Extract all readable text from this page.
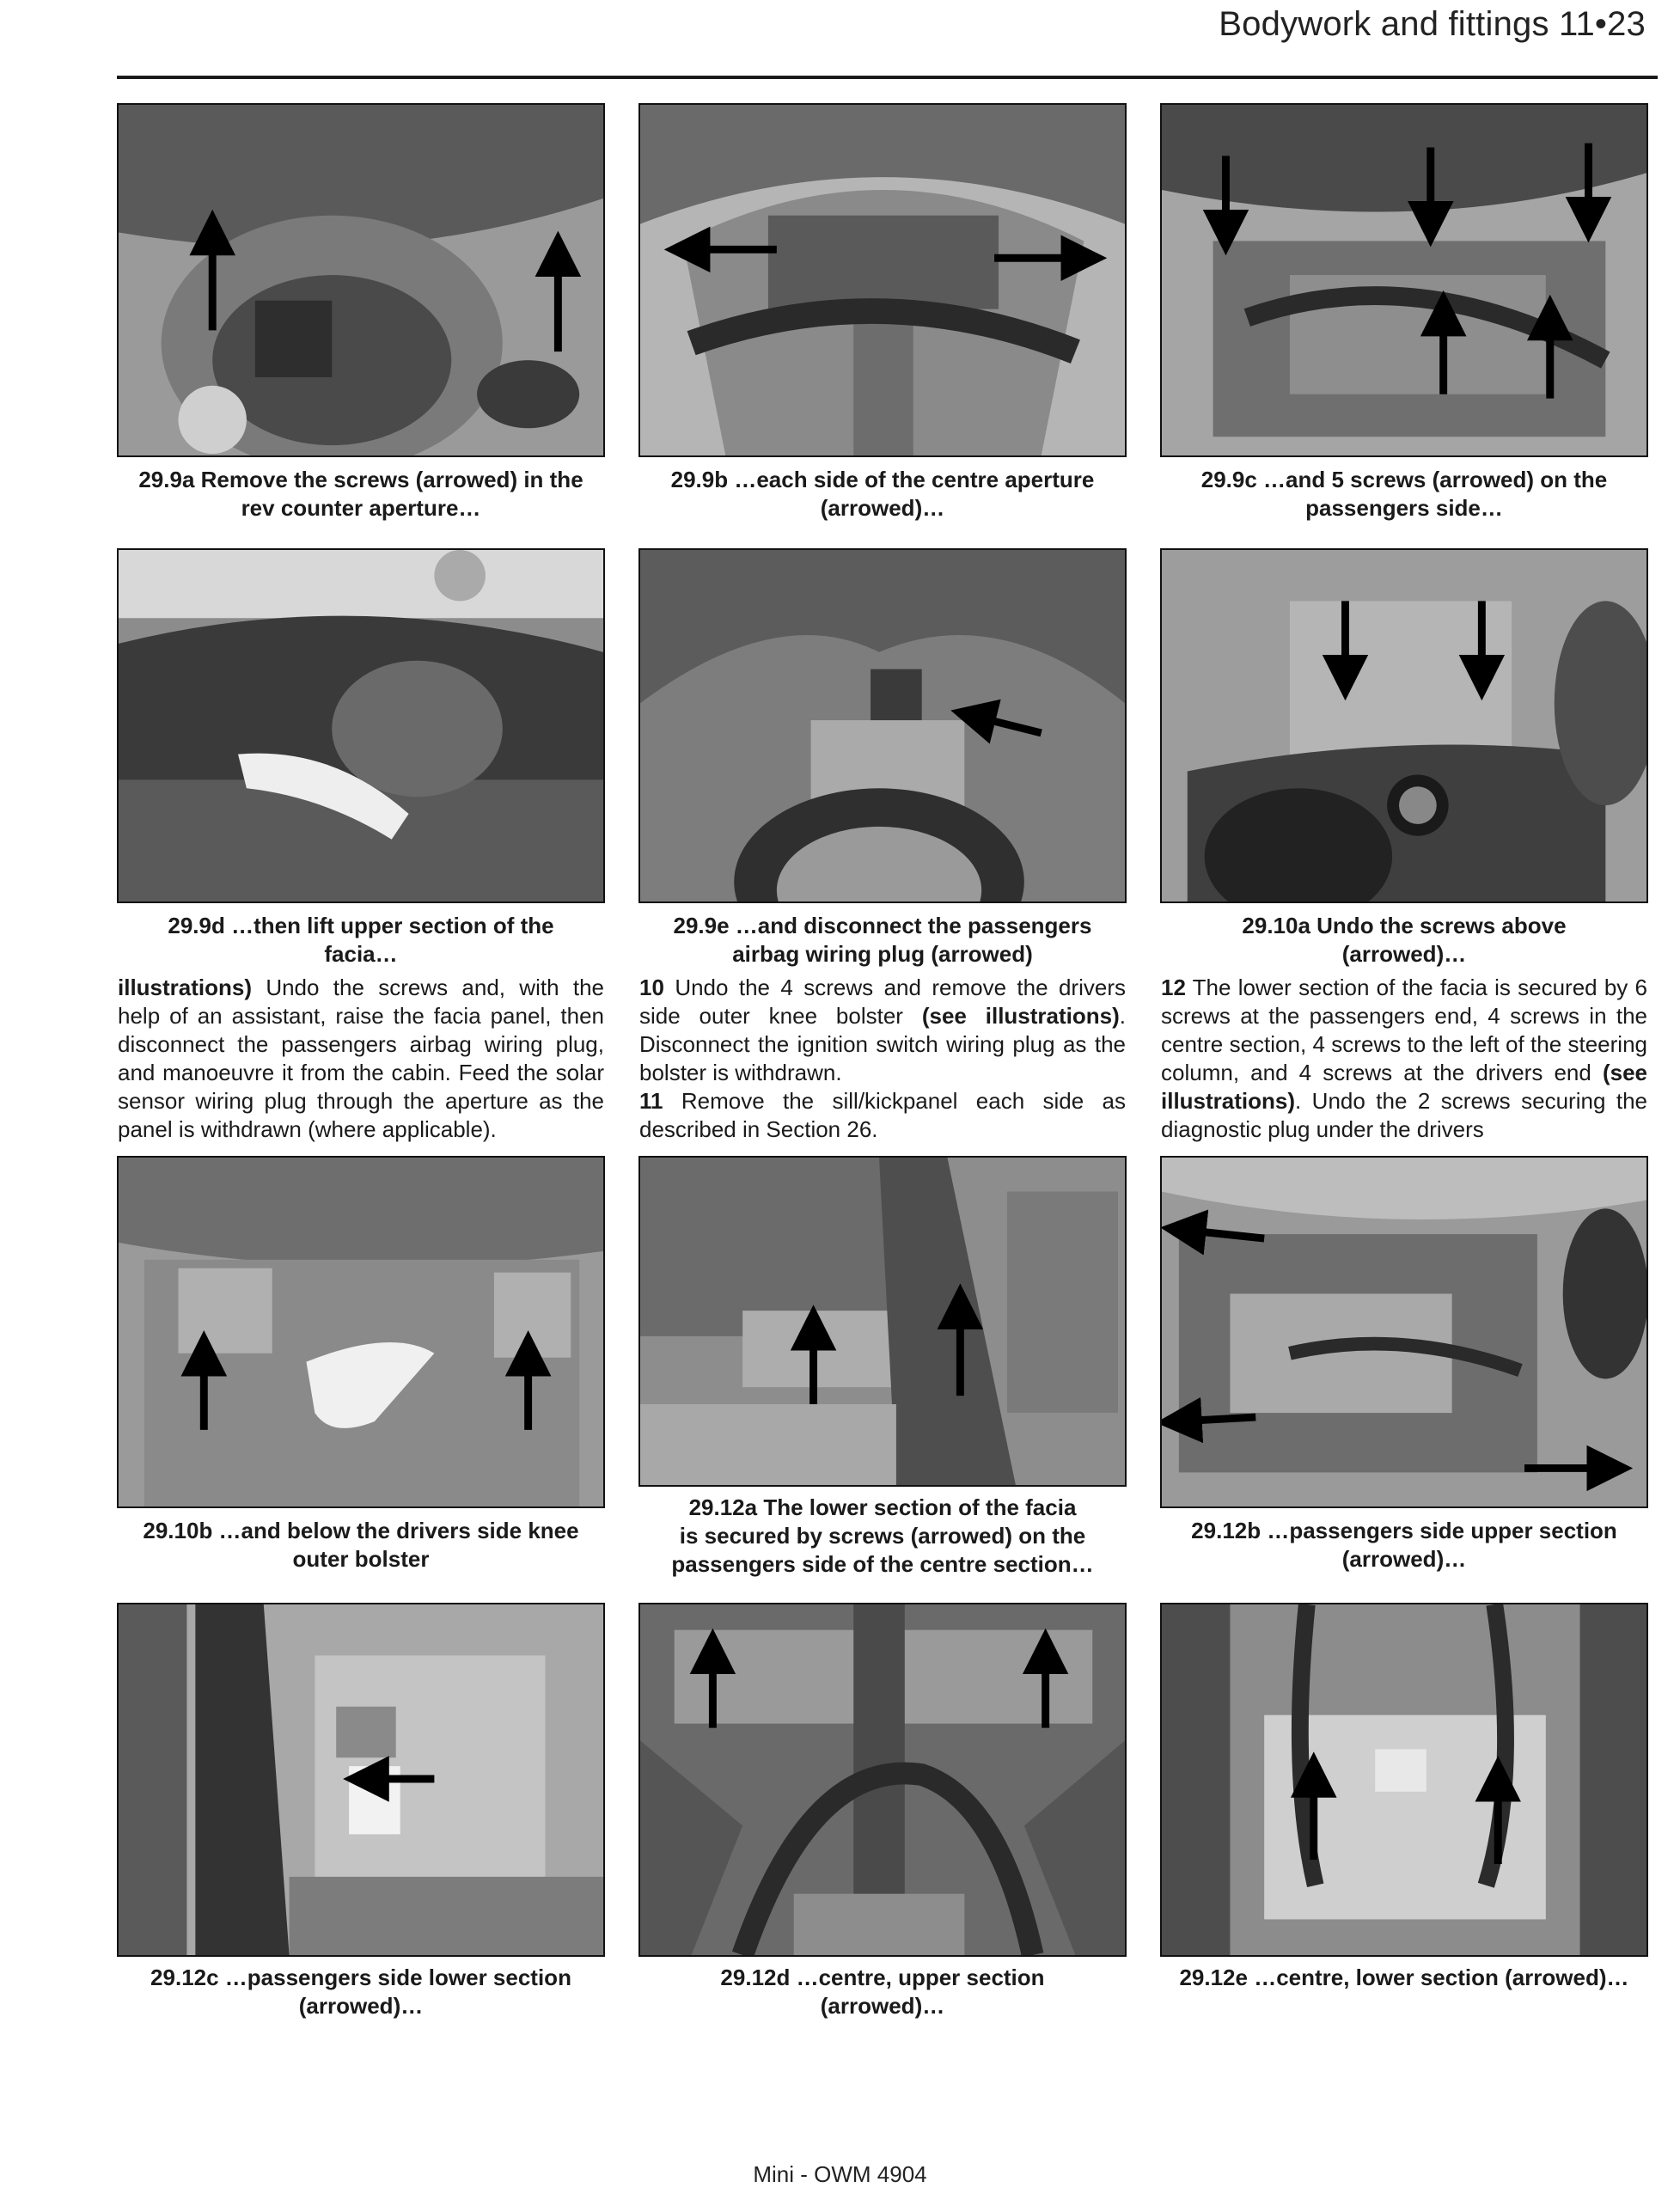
Bodywork and fittings 11•23
29.9a Remove the screws (arrowed) in the
rev counter aperture…
29.9b …each side of the centre aperture
(arrowed)…
29.9c …and 5 screws (arrowed) on the
passengers side…
29.9d …then lift upper section of the
facia…
29.9e …and disconnect the passengers
airbag wiring plug (arrowed)
29.10a Undo the screws above
(arrowed)…

illustrations) Undo the screws and, with the help of an assistant, raise the facia panel, then disconnect the passengers airbag wiring plug, and manoeuvre it from the cabin. Feed the solar sensor wiring plug through the aperture as the panel is withdrawn (where applicable).

10 Undo the 4 screws and remove the drivers side outer knee bolster (see illustrations). Disconnect the ignition switch wiring plug as the bolster is withdrawn.

11 Remove the sill/kickpanel each side as described in Section 26.

12 The lower section of the facia is secured by 6 screws at the passengers end, 4 screws in the centre section, 4 screws to the left of the steering column, and 4 screws at the drivers end (see illustrations). Undo the 2 screws securing the diagnostic plug under the drivers

29.10b …and below the drivers side knee
outer bolster
29.12a The lower section of the facia
is secured by screws (arrowed) on the
passengers side of the centre section…
29.12b …passengers side upper section
(arrowed)…
29.12c …passengers side lower section
(arrowed)…
29.12d …centre, upper section
(arrowed)…
29.12e …centre, lower section (arrowed)…
Mini - OWM 4904
